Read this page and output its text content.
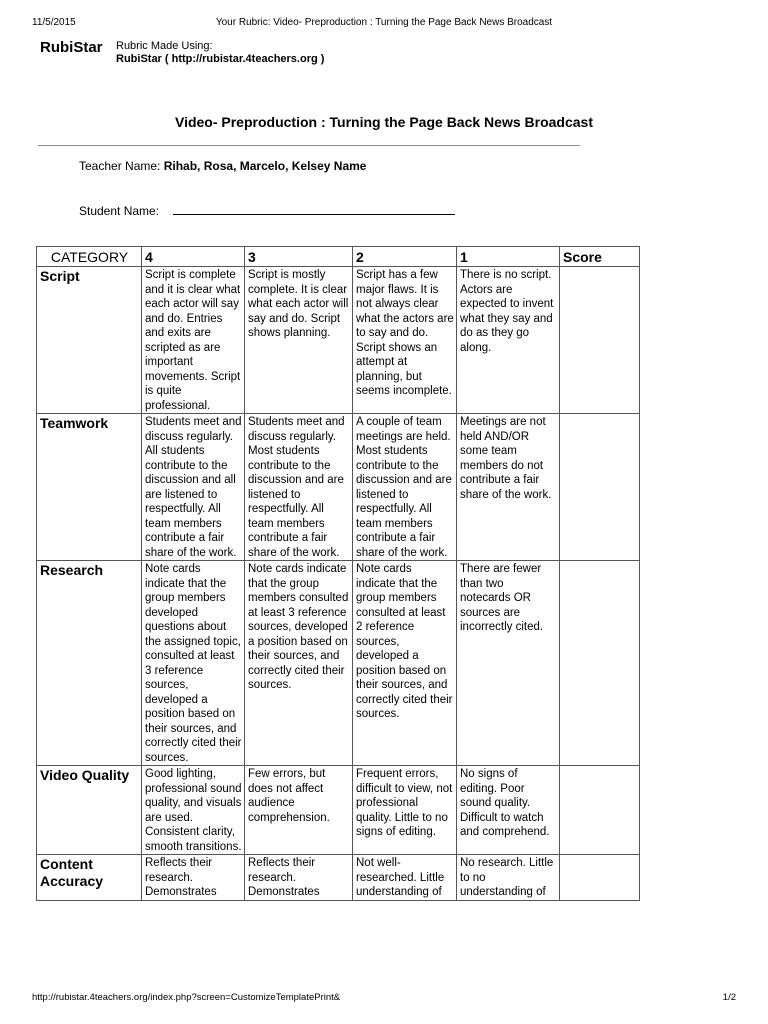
11/5/2015	Your Rubric: Video- Preproduction : Turning the Page Back News Broadcast
RubiStar Rubric Made Using:
RubiStar ( http://rubistar.4teachers.org )
Video- Preproduction : Turning the Page Back News Broadcast
Teacher Name: Rihab, Rosa, Marcelo, Kelsey Name
Student Name:
CATEGORY	4	3	2	1	Score
Script	Script is complete and it is clear what each actor will say and do. Entries and exits are scripted as are important movements. Script is quite professional.	Script is mostly complete. It is clear what each actor will say and do. Script shows planning.	Script has a few major flaws. It is not always clear what the actors are to say and do. Script shows an attempt at planning, but seems incomplete.	There is no script. Actors are expected to invent what they say and do as they go along.	
Teamwork	Students meet and discuss regularly. All students contribute to the discussion and all are listened to respectfully. All team members contribute a fair share of the work.	Students meet and discuss regularly. Most students contribute to the discussion and are listened to respectfully. All team members contribute a fair share of the work.	A couple of team meetings are held. Most students contribute to the discussion and are listened to respectfully. All team members contribute a fair share of the work.	Meetings are not held AND/OR some team members do not contribute a fair share of the work.	
Research	Note cards indicate that the group members developed questions about the assigned topic, consulted at least 3 reference sources, developed a position based on their sources, and correctly cited their sources.	Note cards indicate that the group members consulted at least 3 reference sources, developed a position based on their sources, and correctly cited their sources.	Note cards indicate that the group members consulted at least 2 reference sources, developed a position based on their sources, and correctly cited their sources.	There are fewer than two notecards OR sources are incorrectly cited.	
Video Quality	Good lighting, professional sound quality, and visuals are used. Consistent clarity, smooth transitions.	Few errors, but does not affect audience comprehension.	Frequent errors, difficult to view, not professional quality. Little to no signs of editing.	No signs of editing. Poor sound quality. Difficult to watch and comprehend.	
Content Accuracy	Reflects their research. Demonstrates	Reflects their research. Demonstrates	Not well-researched. Little understanding of	No research. Little to no understanding of	
http://rubistar.4teachers.org/index.php?screen=CustomizeTemplatePrint&	1/2
